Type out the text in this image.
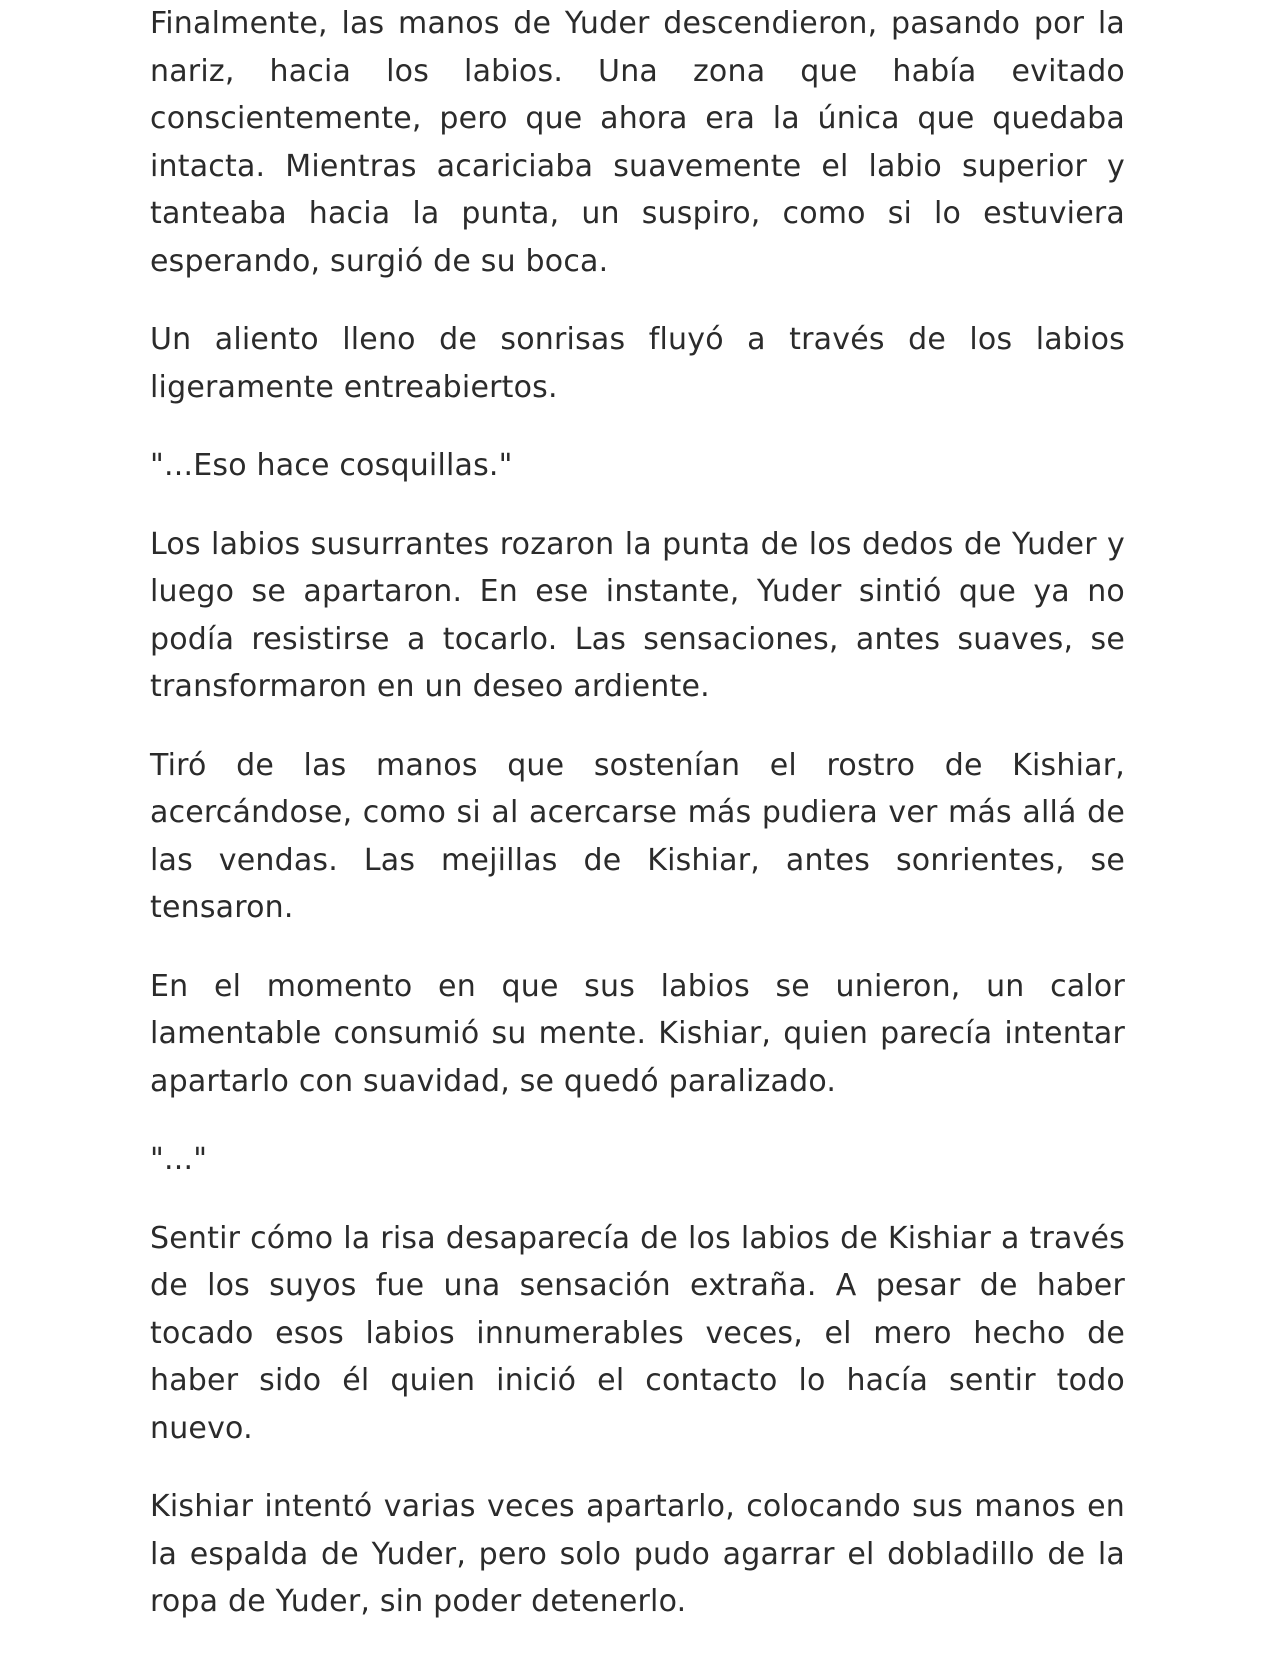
Finalmente, las manos de Yuder descendieron, pasando por la nariz, hacia los labios. Una zona que había evitado conscientemente, pero que ahora era la única que quedaba intacta. Mientras acariciaba suavemente el labio superior y tanteaba hacia la punta, un suspiro, como si lo estuviera esperando, surgió de su boca.

Un aliento lleno de sonrisas fluyó a través de los labios ligeramente entreabiertos.

"...Eso hace cosquillas."

Los labios susurrantes rozaron la punta de los dedos de Yuder y luego se apartaron. En ese instante, Yuder sintió que ya no podía resistirse a tocarlo. Las sensaciones, antes suaves, se transformaron en un deseo ardiente.

Tiró de las manos que sostenían el rostro de Kishiar, acercándose, como si al acercarse más pudiera ver más allá de las vendas. Las mejillas de Kishiar, antes sonrientes, se tensaron.

En el momento en que sus labios se unieron, un calor lamentable consumió su mente. Kishiar, quien parecía intentar apartarlo con suavidad, se quedó paralizado.

"..."

Sentir cómo la risa desaparecía de los labios de Kishiar a través de los suyos fue una sensación extraña. A pesar de haber tocado esos labios innumerables veces, el mero hecho de haber sido él quien inició el contacto lo hacía sentir todo nuevo.

Kishiar intentó varias veces apartarlo, colocando sus manos en la espalda de Yuder, pero solo pudo agarrar el dobladillo de la ropa de Yuder, sin poder detenerlo.
